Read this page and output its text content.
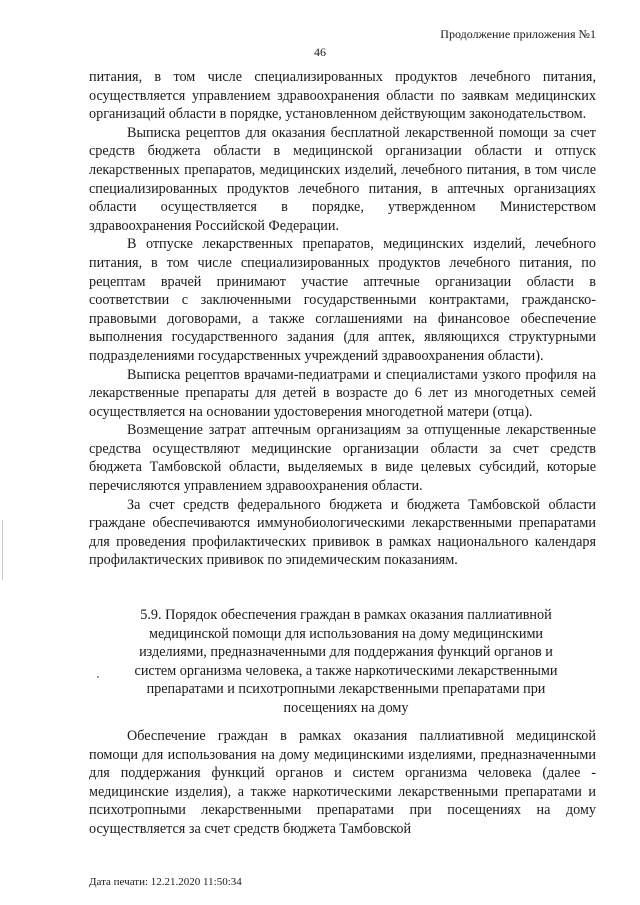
Продолжение приложения №1
46

питания, в том числе специализированных продуктов лечебного питания, осуществляется управлением здравоохранения области по заявкам медицинских организаций области в порядке, установленном действующим законодательством.

Выписка рецептов для оказания бесплатной лекарственной помощи за счет средств бюджета области в медицинской организации области и отпуск лекарственных препаратов, медицинских изделий, лечебного питания, в том числе специализированных продуктов лечебного питания, в аптечных организациях области осуществляется в порядке, утвержденном Министерством здравоохранения Российской Федерации.

В отпуске лекарственных препаратов, медицинских изделий, лечебного питания, в том числе специализированных продуктов лечебного питания, по рецептам врачей принимают участие аптечные организации области в соответствии с заключенными государственными контрактами, гражданско-правовыми договорами, а также соглашениями на финансовое обеспечение выполнения государственного задания (для аптек, являющихся структурными подразделениями государственных учреждений здравоохранения области).

Выписка рецептов врачами-педиатрами и специалистами узкого профиля на лекарственные препараты для детей в возрасте до 6 лет из многодетных семей осуществляется на основании удостоверения многодетной матери (отца).

Возмещение затрат аптечным организациям за отпущенные лекарственные средства осуществляют медицинские организации области за счет средств бюджета Тамбовской области, выделяемых в виде целевых субсидий, которые перечисляются управлением здравоохранения области.

За счет средств федерального бюджета и бюджета Тамбовской области граждане обеспечиваются иммунобиологическими лекарственными препаратами для проведения профилактических прививок в рамках национального календаря профилактических прививок по эпидемическим показаниям.

5.9. Порядок обеспечения граждан в рамках оказания паллиативной медицинской помощи для использования на дому медицинскими изделиями, предназначенными для поддержания функций органов и систем организма человека, а также наркотическими лекарственными препаратами и психотропными лекарственными препаратами при посещениях на дому

Обеспечение граждан в рамках оказания паллиативной медицинской помощи для использования на дому медицинскими изделиями, предназначенными для поддержания функций органов и систем организма человека (далее - медицинские изделия), а также наркотическими лекарственными препаратами и психотропными лекарственными препаратами при посещениях на дому осуществляется за счет средств бюджета Тамбовской

Дата печати: 12.21.2020 11:50:34
